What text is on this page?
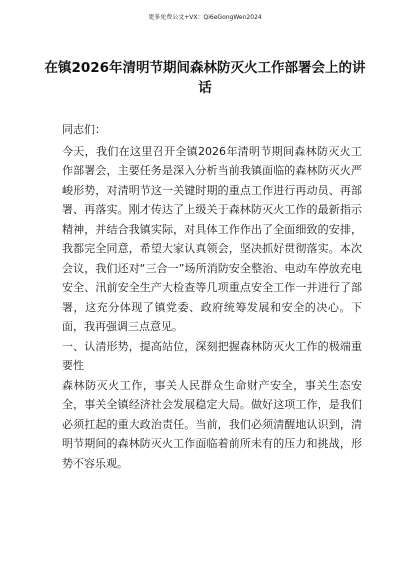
更多免费公文+VX：Qi6eGongWen2024
在镇2026年清明节期间森林防灭火工作部署会上的讲话

同志们：

今天，我们在这里召开全镇2026年清明节期间森林防灭火工作部署会，主要任务是深入分析当前我镇面临的森林防灭火严峻形势，对清明节这一关键时期的重点工作进行再动员、再部署、再落实。刚才传达了上级关于森林防灭火工作的最新指示精神，并结合我镇实际，对具体工作作出了全面细致的安排，我都完全同意，希望大家认真领会，坚决抓好贯彻落实。本次会议，我们还对“三合一”场所消防安全整治、电动车停放充电安全、汛前安全生产大检查等几项重点安全工作一并进行了部署，这充分体现了镇党委、政府统筹发展和安全的决心。下面，我再强调三点意见。

一、认清形势，提高站位，深刻把握森林防灭火工作的极端重要性

森林防灭火工作，事关人民群众生命财产安全，事关生态安全，事关全镇经济社会发展稳定大局。做好这项工作，是我们必须扛起的重大政治责任。当前，我们必须清醒地认识到，清明节期间的森林防灭火工作面临着前所未有的压力和挑战，形势不容乐观。
